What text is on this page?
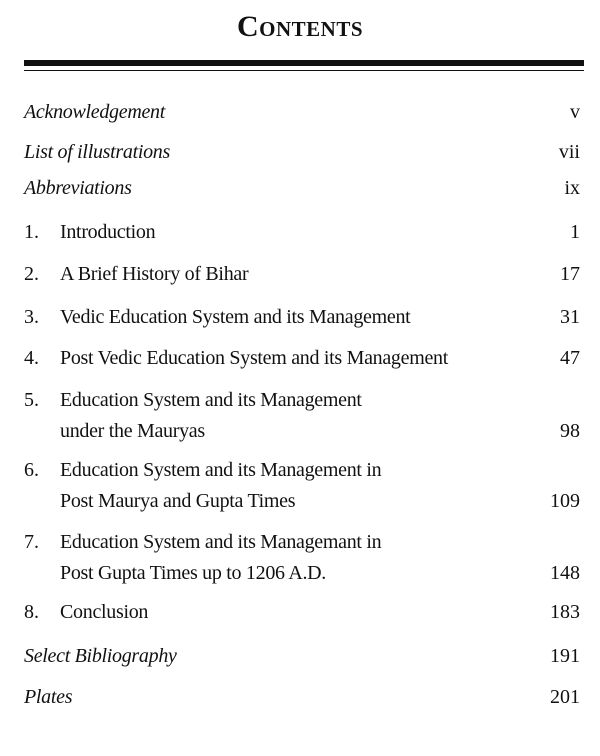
Contents
Acknowledgement	v
List of illustrations	vii
Abbreviations	ix
1. Introduction	1
2. A Brief History of Bihar	17
3. Vedic Education System and its Management	31
4. Post Vedic Education System and its Management	47
5. Education System and its Management
under the Mauryas	98
6. Education System and its Management in
Post Maurya and Gupta Times	109
7. Education System and its Managemant in
Post Gupta Times up to 1206 A.D.	148
8. Conclusion	183
Select Bibliography	191
Plates	201
